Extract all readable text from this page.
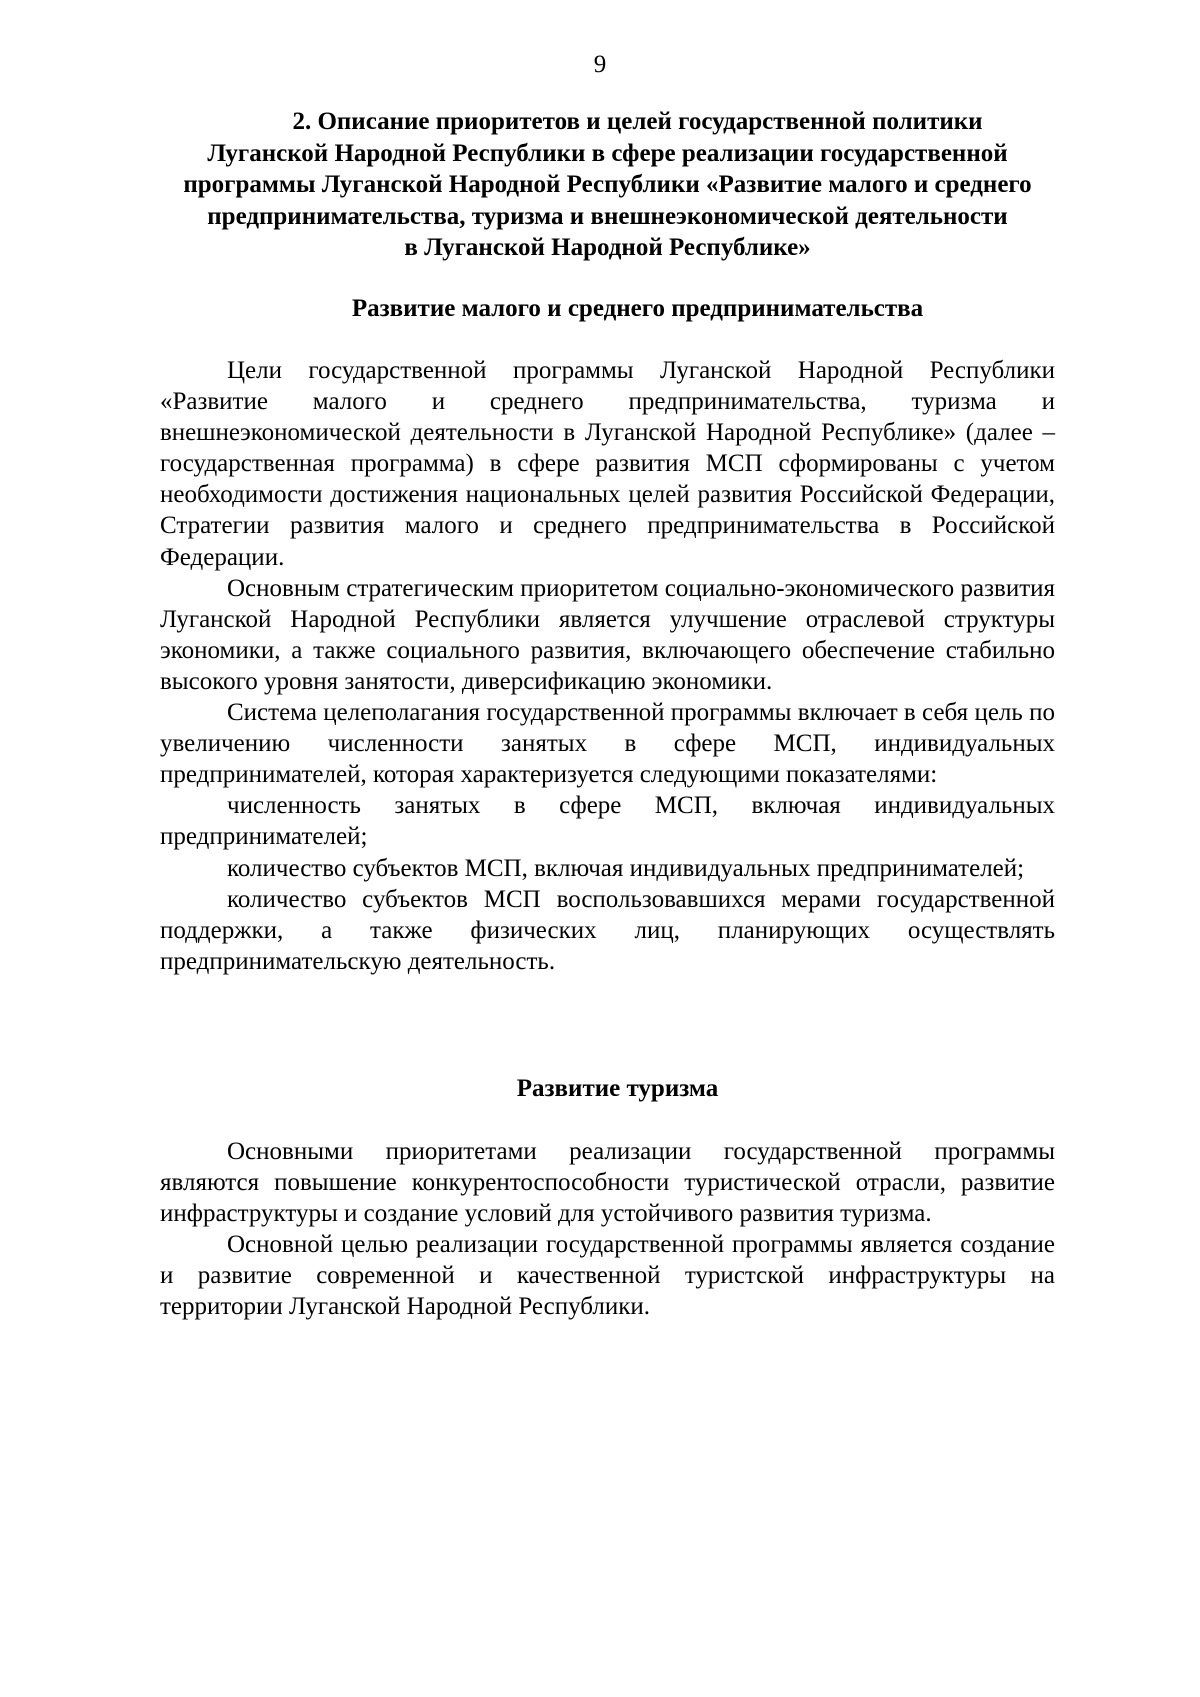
9
2. Описание приоритетов и целей государственной политики
Луганской Народной Республики в сфере реализации государственной
программы Луганской Народной Республики «Развитие малого и среднего
предпринимательства, туризма и внешнеэкономической деятельности
в Луганской Народной Республике»
Развитие малого и среднего предпринимательства

Цели государственной программы Луганской Народной Республики «Развитие малого и среднего предпринимательства, туризма и внешнеэкономической деятельности в Луганской Народной Республике» (далее – государственная программа) в сфере развития МСП сформированы с учетом необходимости достижения национальных целей развития Российской Федерации, Стратегии развития малого и среднего предпринимательства в Российской Федерации.

Основным стратегическим приоритетом социально-экономического развития Луганской Народной Республики является улучшение отраслевой структуры экономики, а также социального развития, включающего обеспечение стабильно высокого уровня занятости, диверсификацию экономики.

Система целеполагания государственной программы включает в себя цель по увеличению численности занятых в сфере МСП, индивидуальных предпринимателей, которая характеризуется следующими показателями:

численность занятых в сфере МСП, включая индивидуальных предпринимателей;

количество субъектов МСП, включая индивидуальных предпринимателей;

количество субъектов МСП воспользовавшихся мерами государственной поддержки, а также физических лиц, планирующих осуществлять предпринимательскую деятельность.

Развитие туризма

Основными приоритетами реализации государственной программы являются повышение конкурентоспособности туристической отрасли, развитие инфраструктуры и создание условий для устойчивого развития туризма.

Основной целью реализации государственной программы является создание и развитие современной и качественной туристской инфраструктуры на территории Луганской Народной Республики.
